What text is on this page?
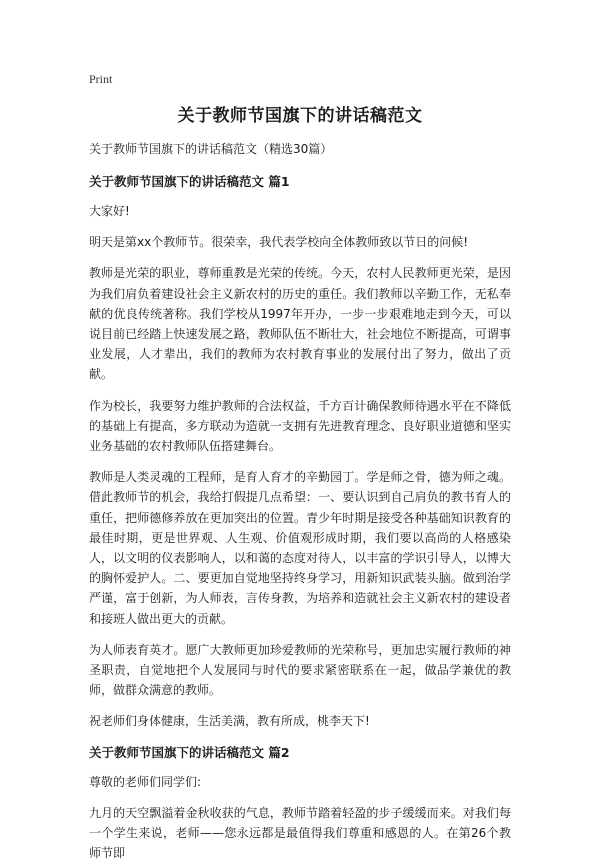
Print
关于教师节国旗下的讲话稿范文
关于教师节国旗下的讲话稿范文（精选30篇）
关于教师节国旗下的讲话稿范文 篇1

大家好!

明天是第xx个教师节。很荣幸，我代表学校向全体教师致以节日的问候!

教师是光荣的职业，尊师重教是光荣的传统。今天，农村人民教师更光荣，是因为我们肩负着建设社会主义新农村的历史的重任。我们教师以辛勤工作，无私奉献的优良传统著称。我们学校从1997年开办，一步一步艰难地走到今天，可以说目前已经踏上快速发展之路，教师队伍不断壮大，社会地位不断提高，可谓事业发展，人才辈出，我们的教师为农村教育事业的发展付出了努力，做出了贡献。

作为校长，我要努力维护教师的合法权益，千方百计确保教师待遇水平在不降低的基础上有提高，多方联动为造就一支拥有先进教育理念、良好职业道德和坚实业务基础的农村教师队伍搭建舞台。

教师是人类灵魂的工程师，是育人育才的辛勤园丁。学是师之骨，德为师之魂。借此教师节的机会，我给打假提几点希望：一、要认识到自己肩负的教书育人的重任，把师德修养放在更加突出的位置。青少年时期是接受各种基础知识教育的最佳时期，更是世界观、人生观、价值观形成时期，我们要以高尚的人格感染人，以文明的仪表影响人，以和蔼的态度对待人，以丰富的学识引导人，以博大的胸怀爱护人。二、要更加自觉地坚持终身学习，用新知识武装头脑。做到治学严谨，富于创新，为人师表，言传身教，为培养和造就社会主义新农村的建设者和接班人做出更大的贡献。

为人师表育英才。愿广大教师更加珍爱教师的光荣称号，更加忠实履行教师的神圣职责，自觉地把个人发展同与时代的要求紧密联系在一起，做品学兼优的教师，做群众满意的教师。

祝老师们身体健康，生活美满，教有所成，桃李天下!

关于教师节国旗下的讲话稿范文 篇2

尊敬的老师们同学们:

九月的天空飘溢着金秋收获的气息，教师节踏着轻盈的步子缓缓而来。对我们每一个学生来说，老师——您永远都是最值得我们尊重和感恩的人。在第26个教师节即
